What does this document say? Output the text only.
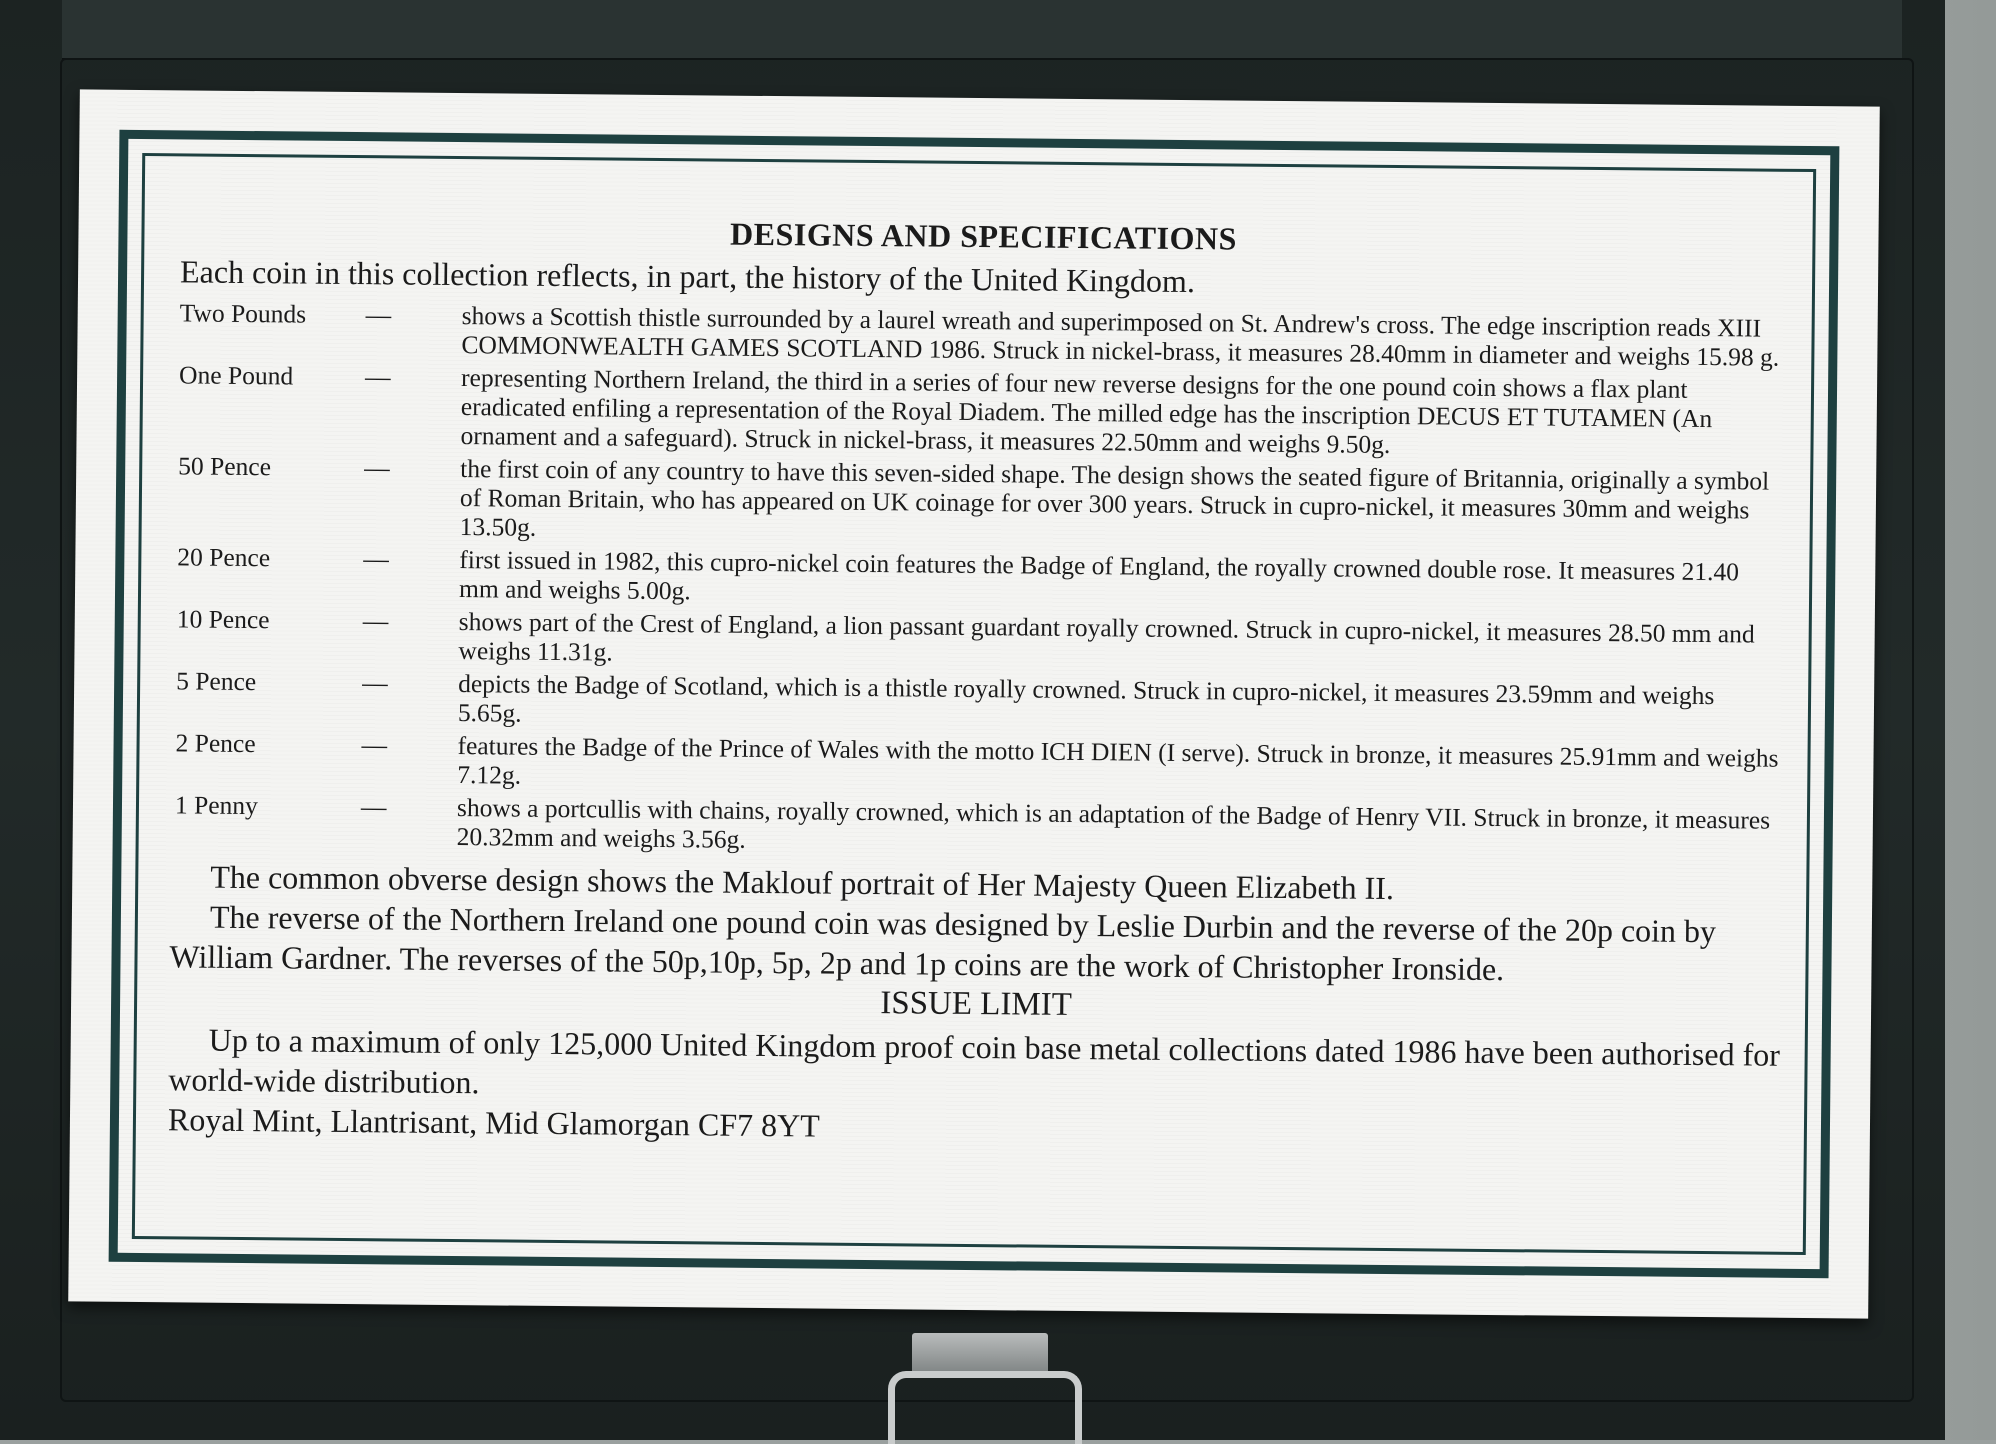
DESIGNS AND SPECIFICATIONS
Each coin in this collection reflects, in part, the history of the United Kingdom.
Two Pounds	—	shows a Scottish thistle surrounded by a laurel wreath and superimposed on St. Andrew's cross. The edge inscription reads XIII COMMONWEALTH GAMES SCOTLAND 1986. Struck in nickel-brass, it measures 28.40mm in diameter and weighs 15.98 g.
One Pound	—	representing Northern Ireland, the third in a series of four new reverse designs for the one pound coin shows a flax plant eradicated enfiling a representation of the Royal Diadem. The milled edge has the inscription DECUS ET TUTAMEN (An ornament and a safeguard). Struck in nickel-brass, it measures 22.50mm and weighs 9.50g.
50 Pence	—	the first coin of any country to have this seven-sided shape. The design shows the seated figure of Britannia, originally a symbol of Roman Britain, who has appeared on UK coinage for over 300 years. Struck in cupro-nickel, it measures 30mm and weighs 13.50g.
20 Pence	—	first issued in 1982, this cupro-nickel coin features the Badge of England, the royally crowned double rose. It measures 21.40 mm and weighs 5.00g.
10 Pence	—	shows part of the Crest of England, a lion passant guardant royally crowned. Struck in cupro-nickel, it measures 28.50 mm and weighs 11.31g.
5 Pence	—	depicts the Badge of Scotland, which is a thistle royally crowned. Struck in cupro-nickel, it measures 23.59mm and weighs 5.65g.
2 Pence	—	features the Badge of the Prince of Wales with the motto ICH DIEN (I serve). Struck in bronze, it measures 25.91mm and weighs 7.12g.
1 Penny	—	shows a portcullis with chains, royally crowned, which is an adaptation of the Badge of Henry VII. Struck in bronze, it measures 20.32mm and weighs 3.56g.

The common obverse design shows the Maklouf portrait of Her Majesty Queen Elizabeth II.

The reverse of the Northern Ireland one pound coin was designed by Leslie Durbin and the reverse of the 20p coin by William Gardner. The reverses of the 50p,10p, 5p, 2p and 1p coins are the work of Christopher Ironside.

ISSUE LIMIT

Up to a maximum of only 125,000 United Kingdom proof coin base metal collections dated 1986 have been authorised for world-wide distribution.

Royal Mint, Llantrisant, Mid Glamorgan CF7 8YT
